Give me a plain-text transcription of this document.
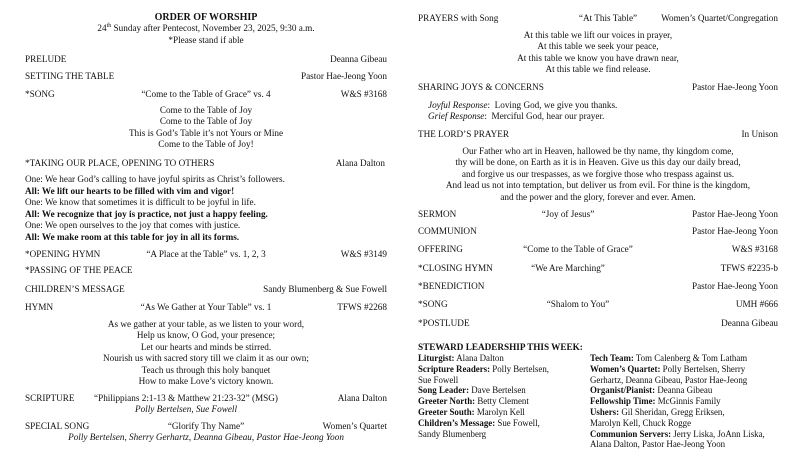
ORDER OF WORSHIP
24th Sunday after Pentecost, November 23, 2025, 9:30 a.m.
*Please stand if able
PRELUDE	Deanna Gibeau
SETTING THE TABLE	Pastor Hae-Jeong Yoon
*SONG	“Come to the Table of Grace” vs. 4	W&S #3168
Come to the Table of Joy
Come to the Table of Joy
This is God’s Table it’s not Yours or Mine
Come to the Table of Joy!
*TAKING OUR PLACE, OPENING TO OTHERS	Alana Dalton
One: We hear God’s calling to have joyful spirits as Christ’s followers.
All: We lift our hearts to be filled with vim and vigor!
One: We know that sometimes it is difficult to be joyful in life.
All: We recognize that joy is practice, not just a happy feeling.
One: We open ourselves to the joy that comes with justice.
All: We make room at this table for joy in all its forms.
*OPENING HYMN	“A Place at the Table” vs. 1, 2, 3	W&S #3149
*PASSING OF THE PEACE
CHILDREN’S MESSAGE	Sandy Blumenberg & Sue Fowell
HYMN	“As We Gather at Your Table” vs. 1	TFWS #2268
As we gather at your table, as we listen to your word,
Help us know, O God, your presence;
Let our hearts and minds be stirred.
Nourish us with sacred story till we claim it as our own;
Teach us through this holy banquet
How to make Love’s victory known.
SCRIPTURE	“Philippians 2:1-13 & Matthew 21:23-32” (MSG)	Alana Dalton
Polly Bertelsen, Sue Fowell
SPECIAL SONG	“Glorify Thy Name”	Women’s Quartet
Polly Bertelsen, Sherry Gerhartz, Deanna Gibeau, Pastor Hae-Jeong Yoon
PRAYERS with Song	“At This Table”	Women’s Quartet/Congregation
At this table we lift our voices in prayer,
At this table we seek your peace,
At this table we know you have drawn near,
At this table we find release.
SHARING JOYS & CONCERNS	Pastor Hae-Jeong Yoon
Joyful Response:  Loving God, we give you thanks.
Grief Response:  Merciful God, hear our prayer.
THE LORD’S PRAYER	In Unison
Our Father who art in Heaven, hallowed be thy name, thy kingdom come,
thy will be done, on Earth as it is in Heaven. Give us this day our daily bread,
and forgive us our trespasses, as we forgive those who trespass against us.
And lead us not into temptation, but deliver us from evil. For thine is the kingdom,
and the power and the glory, forever and ever. Amen.
SERMON	“Joy of Jesus”	Pastor Hae-Jeong Yoon
COMMUNION	Pastor Hae-Jeong Yoon
OFFERING	“Come to the Table of Grace”	W&S #3168
*CLOSING HYMN	“We Are Marching”	TFWS #2235-b
*BENEDICTION	Pastor Hae-Jeong Yoon
*SONG	“Shalom to You”	UMH #666
*POSTLUDE	Deanna Gibeau
STEWARD LEADERSHIP THIS WEEK:
Liturgist: Alana Dalton
Scripture Readers: Polly Bertelsen,
Sue Fowell
Song Leader: Dave Bertelsen
Greeter North: Betty Clement
Greeter South: Marolyn Kell
Children’s Message: Sue Fowell,
Sandy Blumenberg
Tech Team: Tom Calenberg & Tom Latham
Women’s Quartet: Polly Bertelsen, Sherry
Gerhartz, Deanna Gibeau, Pastor Hae-Jeong
Organist/Pianist: Deanna Gibeau
Fellowship Time: McGinnis Family
Ushers: Gil Sheridan, Gregg Eriksen,
Marolyn Kell, Chuck Rogge
Communion Servers: Jerry Liska, JoAnn Liska,
Alana Dalton, Pastor Hae-Jeong Yoon
